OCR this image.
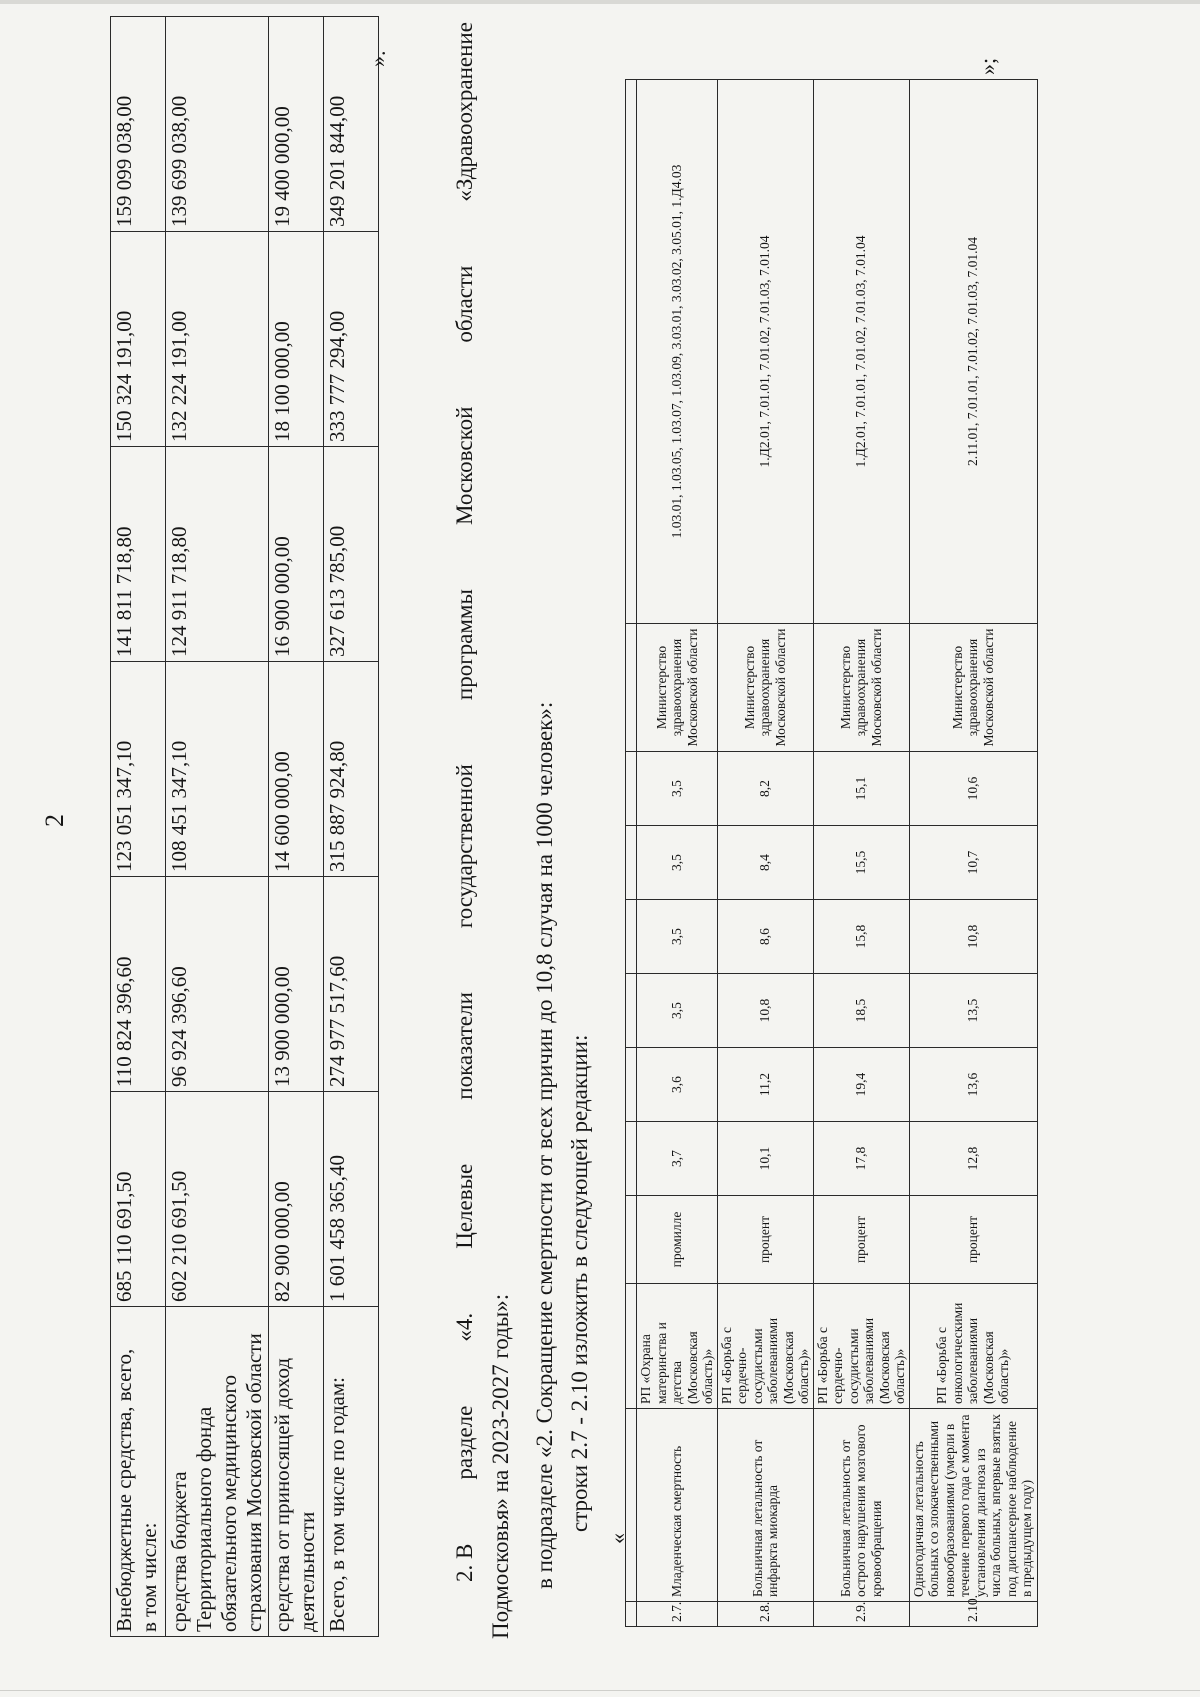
2
Внебюджетные средства, всего,
в том числе:	685 110 691,50	110 824 396,60	123 051 347,10	141 811 718,80	150 324 191,00	159 099 038,00
средства бюджета Территориального фонда обязательного медицинского страхования Московской области	602 210 691,50	96 924 396,60	108 451 347,10	124 911 718,80	132 224 191,00	139 699 038,00
средства от приносящей доход деятельности	82 900 000,00	13 900 000,00	14 600 000,00	16 900 000,00	18 100 000,00	19 400 000,00
Всего, в том числе по годам:	1 601 458 365,40	274 977 517,60	315 887 924,80	327 613 785,00	333 777 294,00	349 201 844,00
».
2. В
разделе
«4.
Целевые
показатели
государственной
программы
Московской
области
«Здравоохранение
Подмосковья» на 2023-2027 годы»: в подразделе «2. Сокращение смертности от всех причин до 10,8 случая на 1000 человек»: строки 2.7 - 2.10 изложить в следующей редакции:
«

2.7.	Младенческая смертность	РП «Охрана материнства и детства (Московская область)»	промилле	3,7	3,6	3,5	3,5	3,5	3,5	Министерство здравоохранения Московской области	1.03.01, 1.03.05, 1.03.07, 1.03.09, 3.03.01, 3.03.02, 3.05.01, 1.Д4.03
2.8.	Больничная летальность от инфаркта миокарда	РП «Борьба с сердечно-сосудистыми заболеваниями (Московская область)»	процент	10,1	11,2	10,8	8,6	8,4	8,2	Министерство здравоохранения Московской области	1.Д2.01, 7.01.01, 7.01.02, 7.01.03, 7.01.04
2.9.	Больничная летальность от острого нарушения мозгового кровообращения	РП «Борьба с сердечно-сосудистыми заболеваниями (Московская область)»	процент	17,8	19,4	18,5	15,8	15,5	15,1	Министерство здравоохранения Московской области	1.Д2.01, 7.01.01, 7.01.02, 7.01.03, 7.01.04
2.10.	Одногодичная летальность больных со злокачественными новообразованиями (умерли в течение первого года с момента установления диагноза из числа больных, впервые взятых под диспансерное наблюдение в предыдущем году)	РП «Борьба с онкологическими заболеваниями (Московская область)»	процент	12,8	13,6	13,5	10,8	10,7	10,6	Министерство здравоохранения Московской области	2.11.01, 7.01.01, 7.01.02, 7.01.03, 7.01.04
»;
